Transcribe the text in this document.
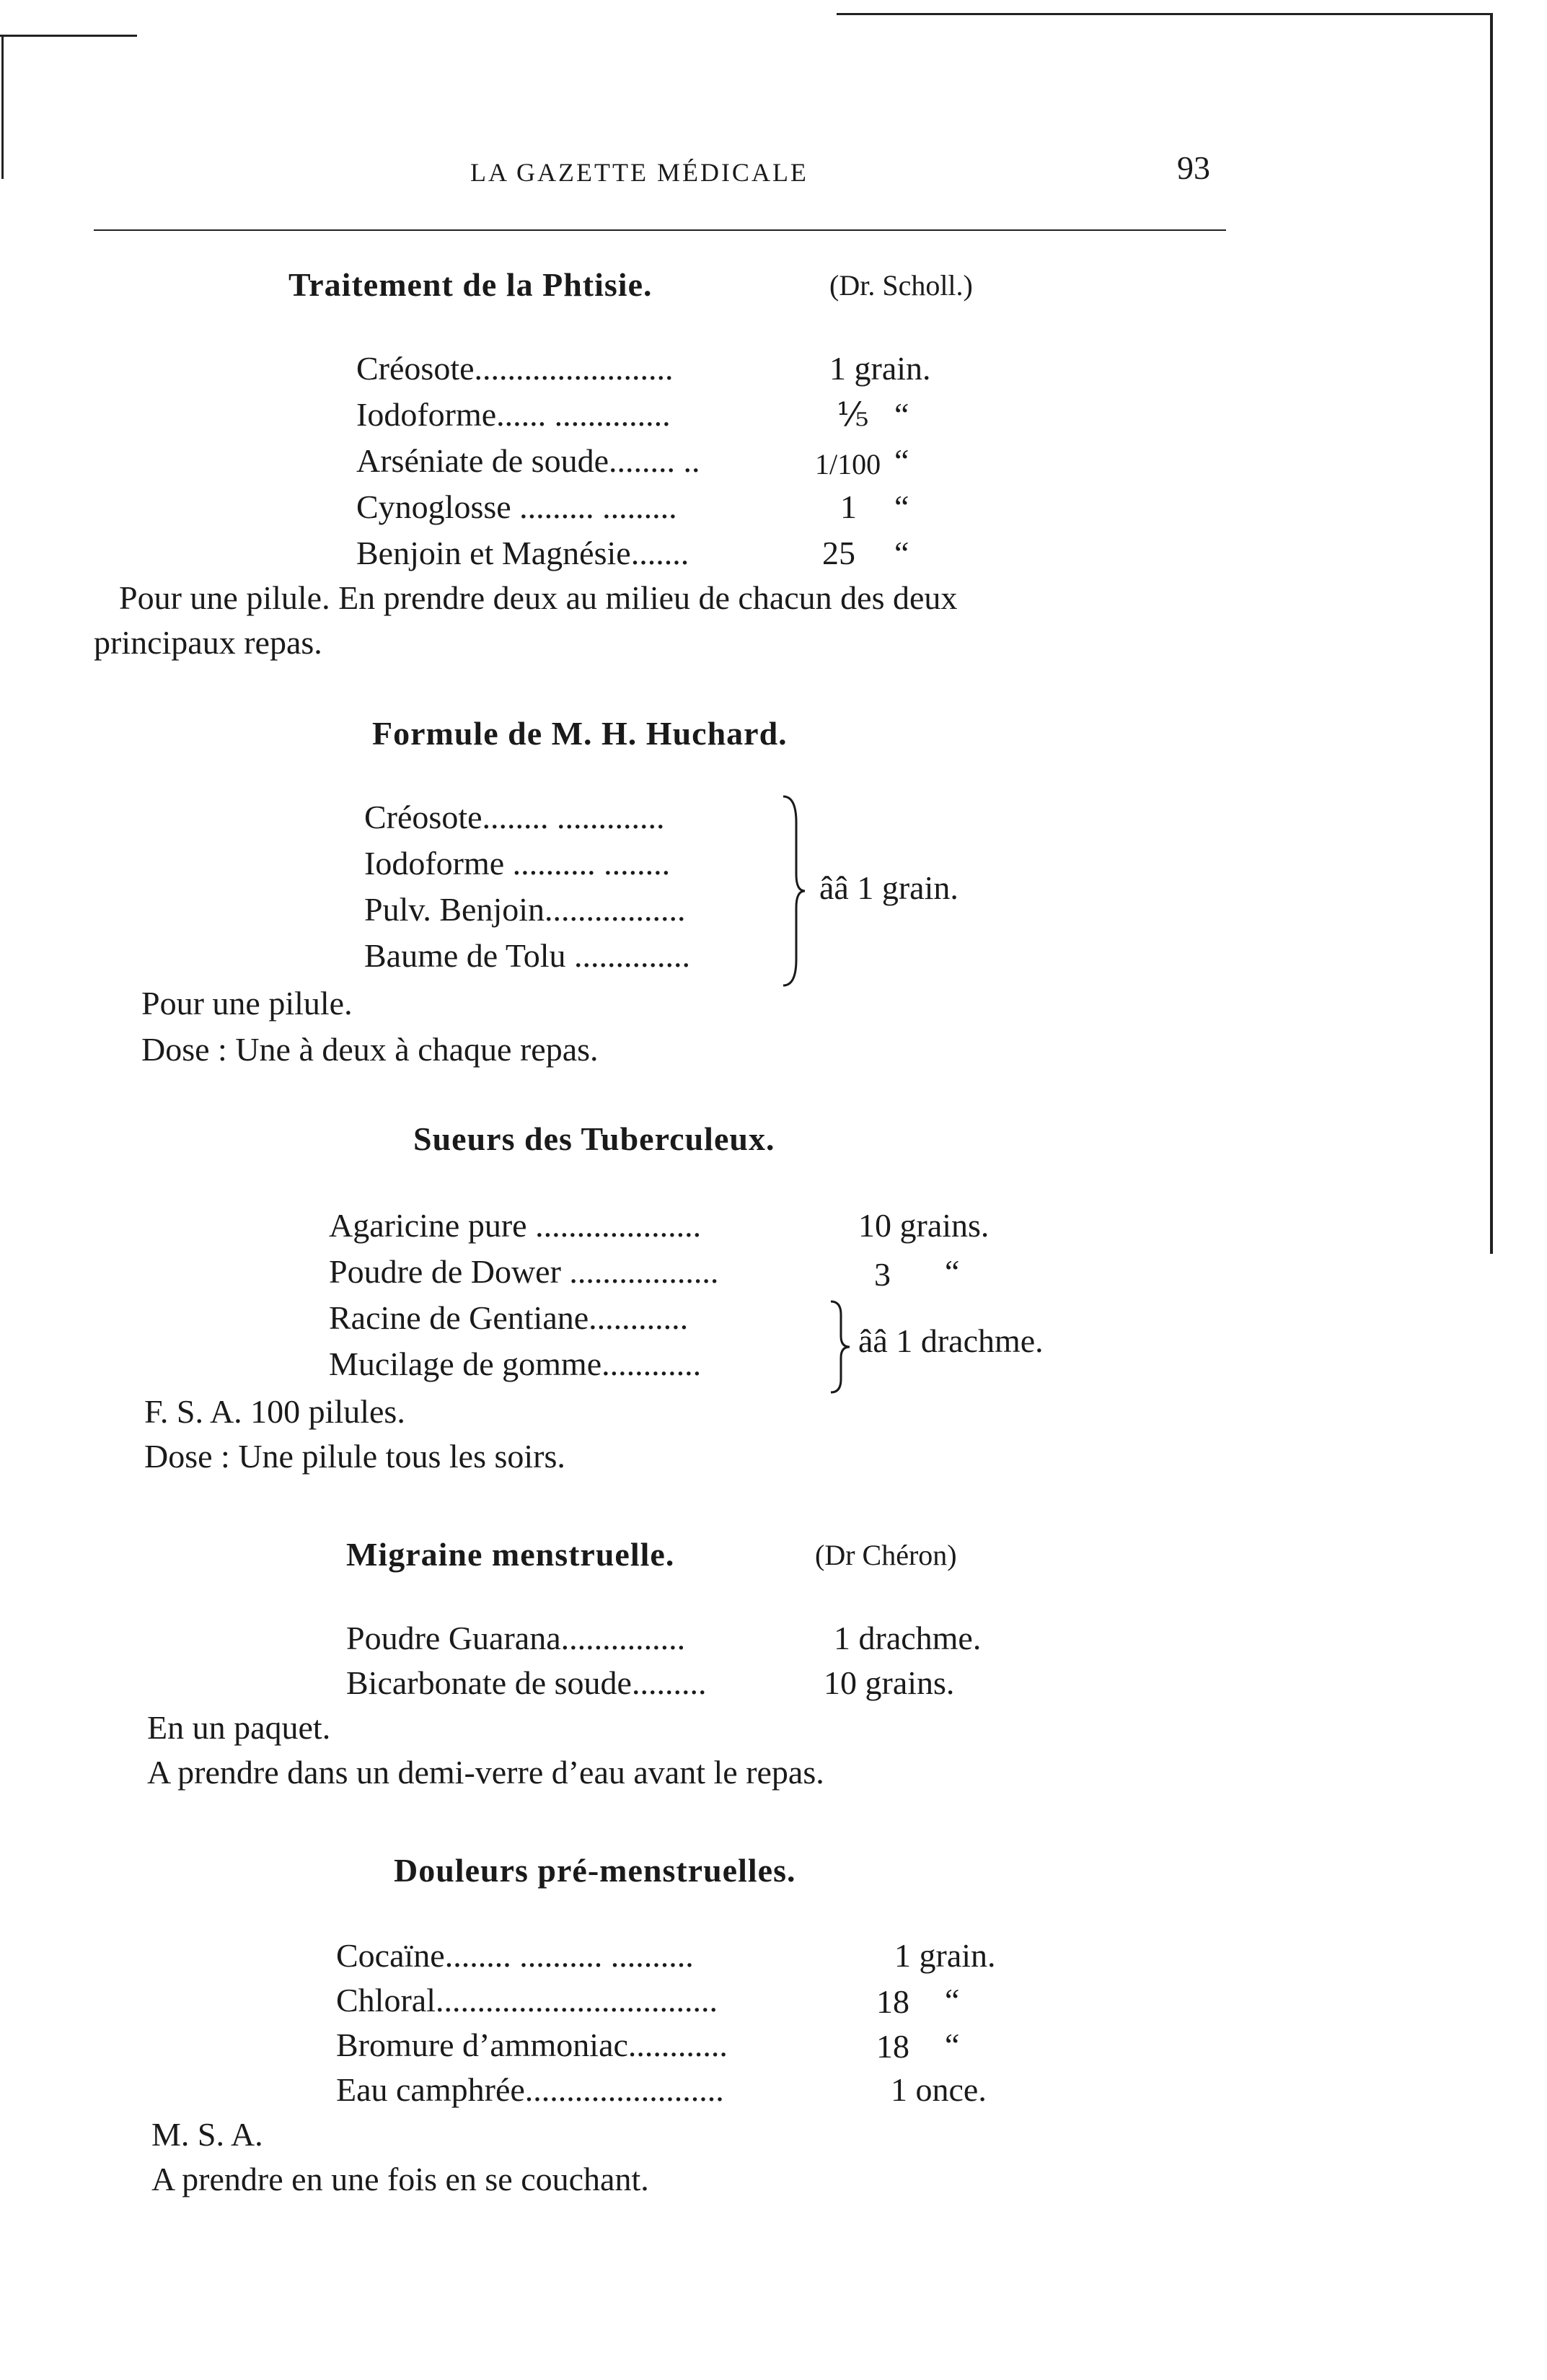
LA GAZETTE MÉDICALE	93
Traitement de la Phtisie.	(Dr. Scholl.)
Créosote........................	1 grain.
Iodoforme...... ..............	⅕ “
Arséniate de soude........ ..	1/100 “
Cynoglosse ......... .........	1 “
Benjoin et Magnésie.......	25 “
Pour une pilule. En prendre deux au milieu de chacun des deux
principaux repas.
Formule de M. H. Huchard.
Créosote........ .............
Iodoforme .......... ........
Pulv. Benjoin.................
Baume de Tolu ..............
ââ 1 grain.
Pour une pilule.
Dose : Une à deux à chaque repas.
Sueurs des Tuberculeux.
Agaricine pure ....................	10 grains.
Poudre de Dower ..................	3 “
Racine de Gentiane............
Mucilage de gomme............
ââ 1 drachme.
F. S. A. 100 pilules.
Dose : Une pilule tous les soirs.
Migraine menstruelle.	(Dr Chéron)
Poudre Guarana...............	1 drachme.
Bicarbonate de soude.........	10 grains.
En un paquet.
A prendre dans un demi-verre d’eau avant le repas.
Douleurs pré-menstruelles.
Cocaïne........ .......... ..........	1 grain.
Chloral..................................	18 “
Bromure d’ammoniac............	18 “
Eau camphrée........................	1 once.
M. S. A.
A prendre en une fois en se couchant.
